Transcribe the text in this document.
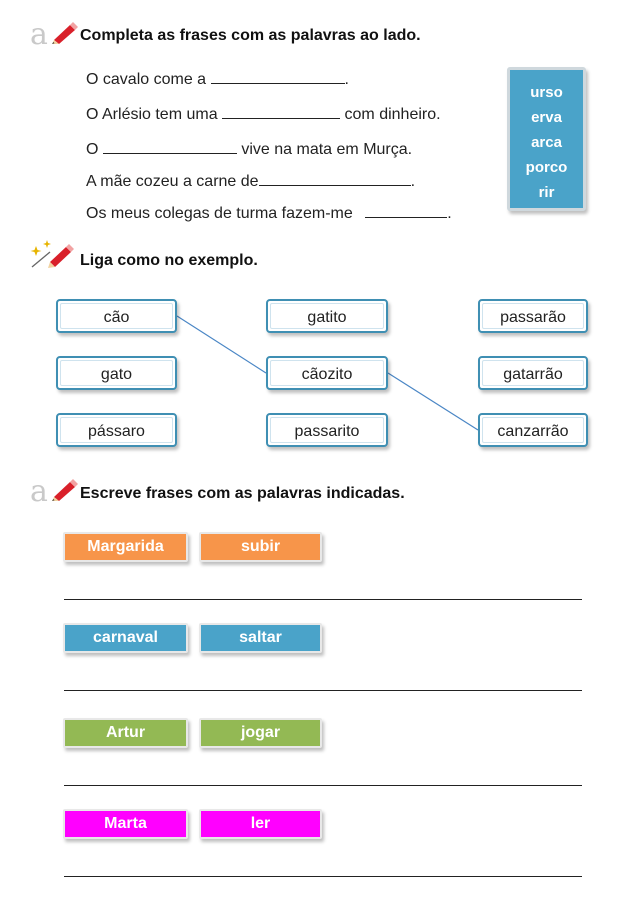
a Completa as frases com as palavras ao lado.
O cavalo come a	.
O Arlésio tem uma	com dinheiro.
O	vive na mata em Murça.
A mãe cozeu a carne de	.
Os meus colegas de turma fazem-me	.
urso
erva
arca
porco
rir
Liga como no exemplo.
cão
gato
pássaro
gatito
cãozito
passarito
passarão
gatarrão
canzarrão
a Escreve frases com as palavras indicadas.
Margarida	subir
carnaval	saltar
Artur	jogar
Marta	ler
